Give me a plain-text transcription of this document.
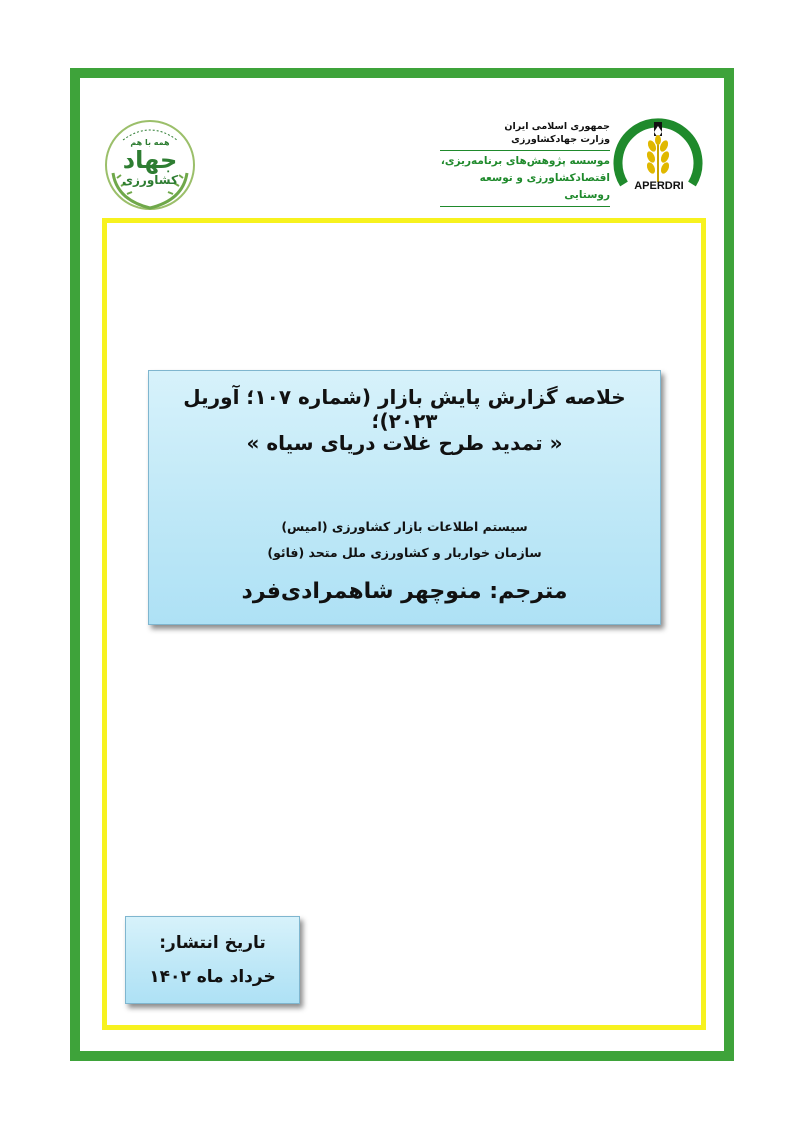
همه با هم
جهاد
کشاورزی
جمهوری اسلامی ایران
وزارت جهادکشاورزی
موسسه پژوهش‌های برنامه‌ریزی،
اقتصادکشاورزی و توسعه روستایی
APERDRI
خلاصه گزارش پایش بازار (شماره ۱۰۷؛ آوریل ۲۰۲۳)؛
« تمدید طرح غلات دریای سیاه »
سیستم اطلاعات بازار کشاورزی (امیس)
سازمان خواربار و کشاورزی ملل متحد (فائو)
مترجم: منوچهر شاهمرادی‌فرد
تاریخ انتشار:
خرداد ماه ۱۴۰۲
